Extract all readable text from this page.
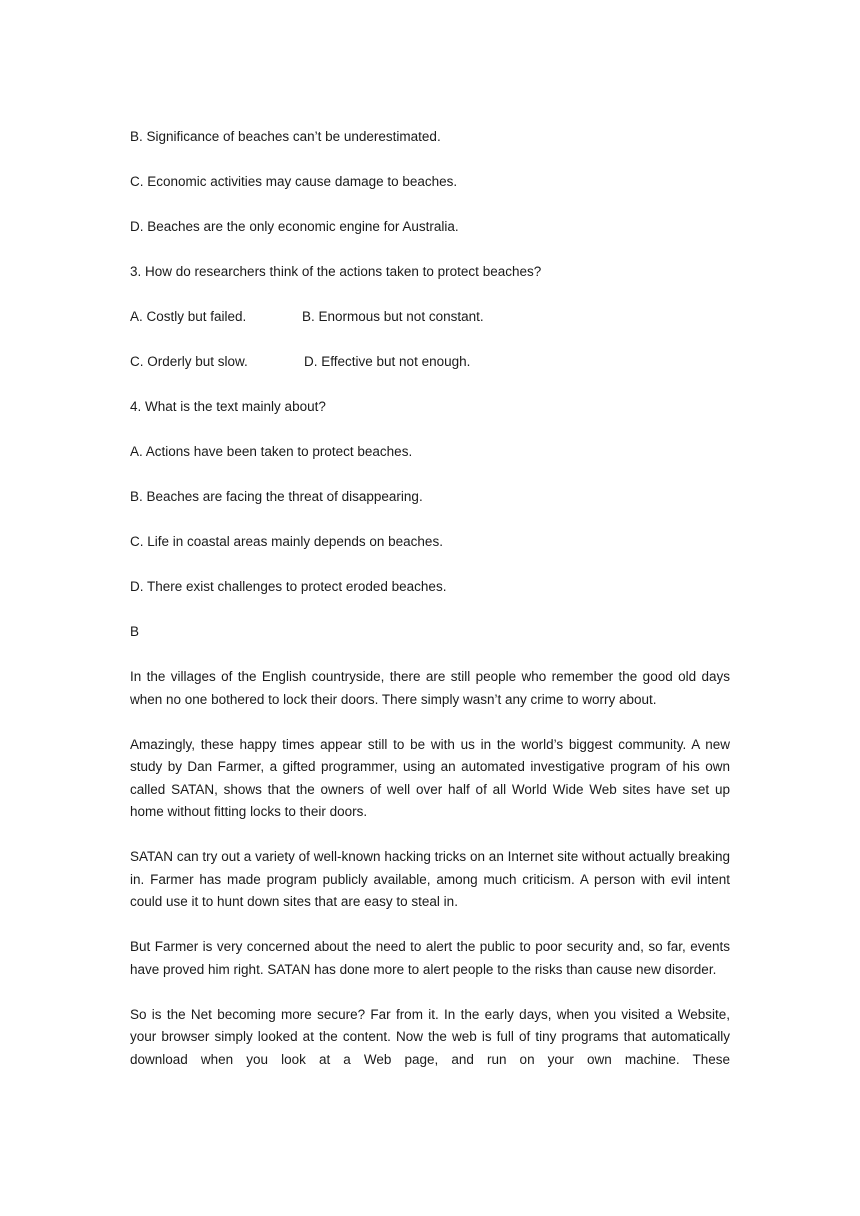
B. Significance of beaches can’t be underestimated.

C. Economic activities may cause damage to beaches.

D. Beaches are the only economic engine for Australia.

3. How do researchers think of the actions taken to protect beaches?

A. Costly but failed.	B. Enormous but not constant.
C. Orderly but slow.	D. Effective but not enough.

4. What is the text mainly about?

A. Actions have been taken to protect beaches.

B. Beaches are facing the threat of disappearing.

C. Life in coastal areas mainly depends on beaches.

D. There exist challenges to protect eroded beaches.

B

In the villages of the English countryside, there are still people who remember the good old days when no one bothered to lock their doors. There simply wasn’t any crime to worry about.

Amazingly, these happy times appear still to be with us in the world’s biggest community. A new study by Dan Farmer, a gifted programmer, using an automated investigative program of his own called SATAN, shows that the owners of well over half of all World Wide Web sites have set up home without fitting locks to their doors.

SATAN can try out a variety of well-known hacking tricks on an Internet site without actually breaking in. Farmer has made program publicly available, among much criticism. A person with evil intent could use it to hunt down sites that are easy to steal in.

But Farmer is very concerned about the need to alert the public to poor security and, so far, events have proved him right. SATAN has done more to alert people to the risks than cause new disorder.

So is the Net becoming more secure? Far from it. In the early days, when you visited a Website, your browser simply looked at the content. Now the web is full of tiny programs that automatically download when you look at a Web page, and run on your own machine. These
